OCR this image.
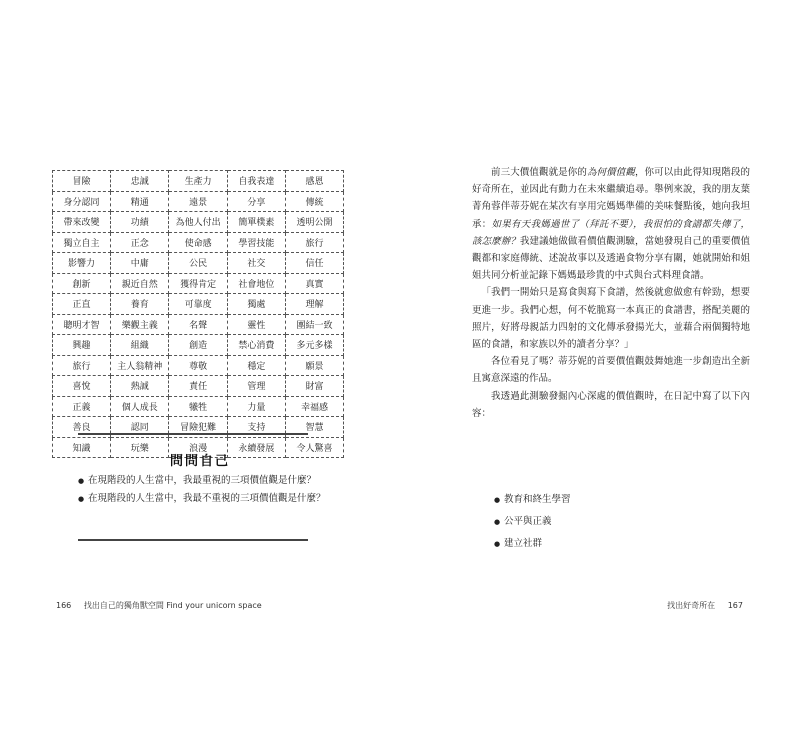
冒險	忠誠	生產力	自我表達	感恩
身分認同	精通	遠景	分享	傳統
帶來改變	功績	為他人付出	簡單樸素	透明公開
獨立自主	正念	使命感	學習技能	旅行
影響力	中庸	公民	社交	信任
創新	親近自然	獲得肯定	社會地位	真實
正直	養育	可靠度	獨處	理解
聰明才智	樂觀主義	名聲	靈性	團結一致
興趣	組織	創造	禁心消費	多元多樣
旅行	主人翁精神	尊敬	穩定	願景
喜悅	熱誠	責任	管理	財富
正義	個人成長	犧牲	力量	幸福感
善良	認同	冒險犯難	支持	智慧
知識	玩樂	浪漫	永續發展	令人驚喜
問問自己
● 在現階段的人生當中，我最重視的三項價值觀是什麼？
● 在現階段的人生當中，我最不重視的三項價值觀是什麼？
166 找出自己的獨角獸空間 Find your unicorn space

前三大價值觀就是你的為何價值觀，你可以由此得知現階段的好奇所在，並因此有動力在未來繼續追尋。舉例來說，我的朋友葉菁角蓉伴蒂芬妮在某次有享用完媽媽準備的美味餐點後，她向我坦承：如果有天我媽過世了（拜託不要），我很怕的食譜都失傳了，該怎麼辦？我建議她做做看價值觀測驗，當她發現自己的重要價值觀都和家庭傳統、述說故事以及透過食物分享有關，她就開始和姐姐共同分析並記錄下媽媽最珍貴的中式與台式料理食譜。

「我們一開始只是寫食與寫下食譜，然後就愈做愈有幹勁，想要更進一步。我們心想，何不乾脆寫一本真正的食譜書，搭配美麗的照片，好將母親話力四射的文化傳承發揚光大，並藉合兩個獨特地區的食譜，和家族以外的讀者分享？」

各位看見了嗎？蒂芬妮的首要價值觀鼓舞她進一步創造出全新且寓意深遠的作品。

我透過此測驗發掘內心深處的價值觀時，在日記中寫了以下內容：

● 教育和終生學習
● 公平與正義
● 建立社群
找出好奇所在 167
